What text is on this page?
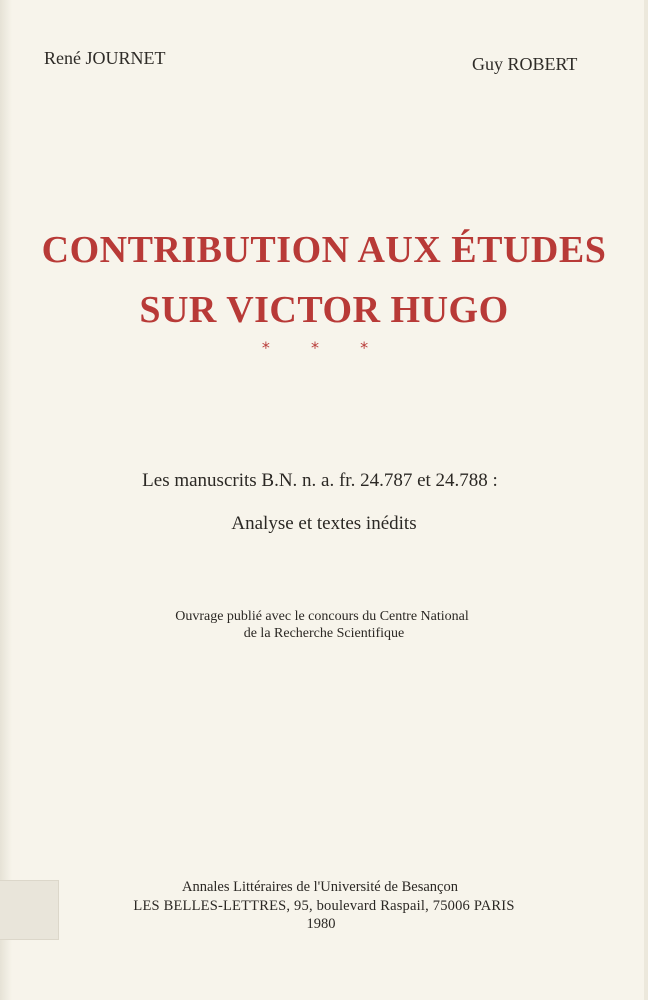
René JOURNET	Guy ROBERT
CONTRIBUTION AUX ÉTUDES
SUR VICTOR HUGO
* * *
Les manuscrits B.N. n. a. fr. 24.787 et 24.788 :
Analyse et textes inédits
Ouvrage publié avec le concours du Centre National
de la Recherche Scientifique
Annales Littéraires de l'Université de Besançon
LES BELLES-LETTRES, 95, boulevard Raspail, 75006 PARIS
1980
